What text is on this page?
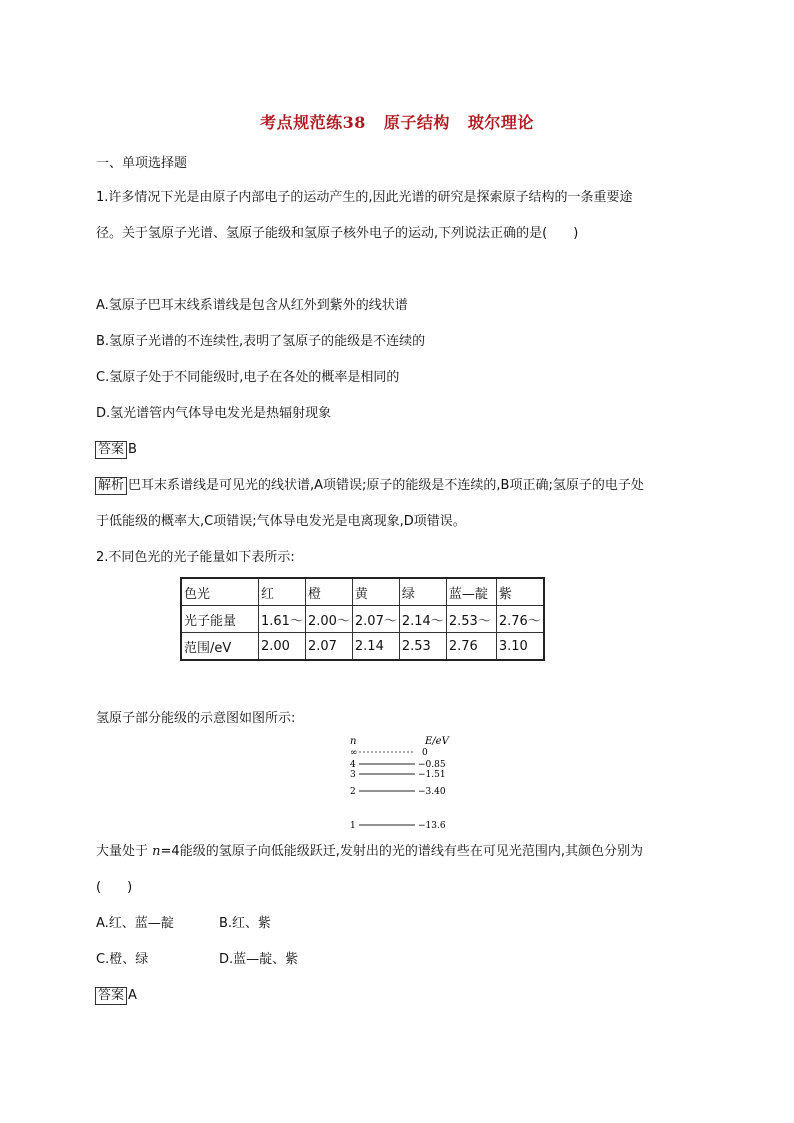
考点规范练38 原子结构 玻尔理论
一、单项选择题
1.许多情况下光是由原子内部电子的运动产生的,因此光谱的研究是探索原子结构的一条重要途
径。关于氢原子光谱、氢原子能级和氢原子核外电子的运动,下列说法正确的是(　　)
A.氢原子巴耳末线系谱线是包含从红外到紫外的线状谱
B.氢原子光谱的不连续性,表明了氢原子的能级是不连续的
C.氢原子处于不同能级时,电子在各处的概率是相同的
D.氢光谱管内气体导电发光是热辐射现象
答案 B
解析 巴耳末系谱线是可见光的线状谱,A项错误;原子的能级是不连续的,B项正确;氢原子的电子处
于低能级的概率大,C项错误;气体导电发光是电离现象,D项错误。
2.不同色光的光子能量如下表所示:
色光	红	橙	黄	绿	蓝—靛	紫
光子能量	1.61～	2.00～	2.07～	2.14～	2.53～	2.76～
范围/eV	2.00	2.07	2.14	2.53	2.76	3.10
氢原子部分能级的示意图如图所示:
n	E/eV
∞	0
4	−0.85
3	−1.51
2	−3.40
1	−13.6
大量处于 n=4能级的氢原子向低能级跃迁,发射出的光的谱线有些在可见光范围内,其颜色分别为
(　　)
A.红、蓝—靛	B.红、紫
C.橙、绿	D.蓝—靛、紫
答案 A
